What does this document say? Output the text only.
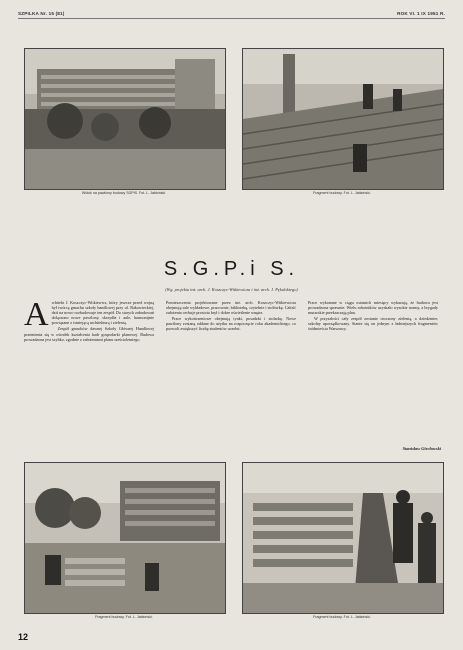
SZPILKA Nr. 15 (81)	ROK VI. 1 IX 1951 R.
Widok na pawilony budowy SGPiS. Fot. L. Jabłoński.	Fragment budowy. Fot. L. Jabłoński.
S.G.P.i S.
(Wg. projektu inż. arch. J. Koszczyc-Witkiewicza i inż. arch. J. Pękalskiego)

Architekt J. Koszczyc-Witkiewicz, który jeszcze przed wojną był twórcą gmachu szkoły handlowej przy ul. Rakowieckiej, dziś na nowo rozbudowuje ten zespół. Do starych zabudowań dołączono nowe pawilony, skrzydła i aule, harmonijnie powiązane z istniejącą architekturą i zielenią.

Zespół gmachów dawnej Szkoły Głównej Handlowej przemienia się w ośrodek kształcenia kadr gospodarki planowej. Budowa prowadzona jest szybko, zgodnie z założeniami planu sześcioletniego.

Pomieszczenia projektowane przez inż. arch. Koszczyc-Witkiewicza obejmują sale wykładowe, pracownie, bibliotekę, czytelnie i stołówkę. Całość założenia cechuje prostota brył i dobre oświetlenie wnętrz.

Prace wykończeniowe obejmują tynki, posadzki i stolarkę. Nowe pawilony zostaną oddane do użytku na rozpoczęcie roku akademickiego, co pozwoli zwiększyć liczbę studentów uczelni.

Prace wykonane w ciągu ostatnich miesięcy wykazują, że budowa jest prowadzona sprawnie. Wielu robotników uzyskało wysokie normy, a brygady murarskie przekraczają plan.

W przyszłości cały zespół zostanie otoczony zielenią, a dziedziniec szkolny uporządkowany. Stanie się on jednym z ładniejszych fragmentów śródmieścia Warszawy.

Stanisław Giecłowski
Fragment budowy. Fot. L. Jabłoński.	Fragment budowy. Fot. L. Jabłoński.
12
